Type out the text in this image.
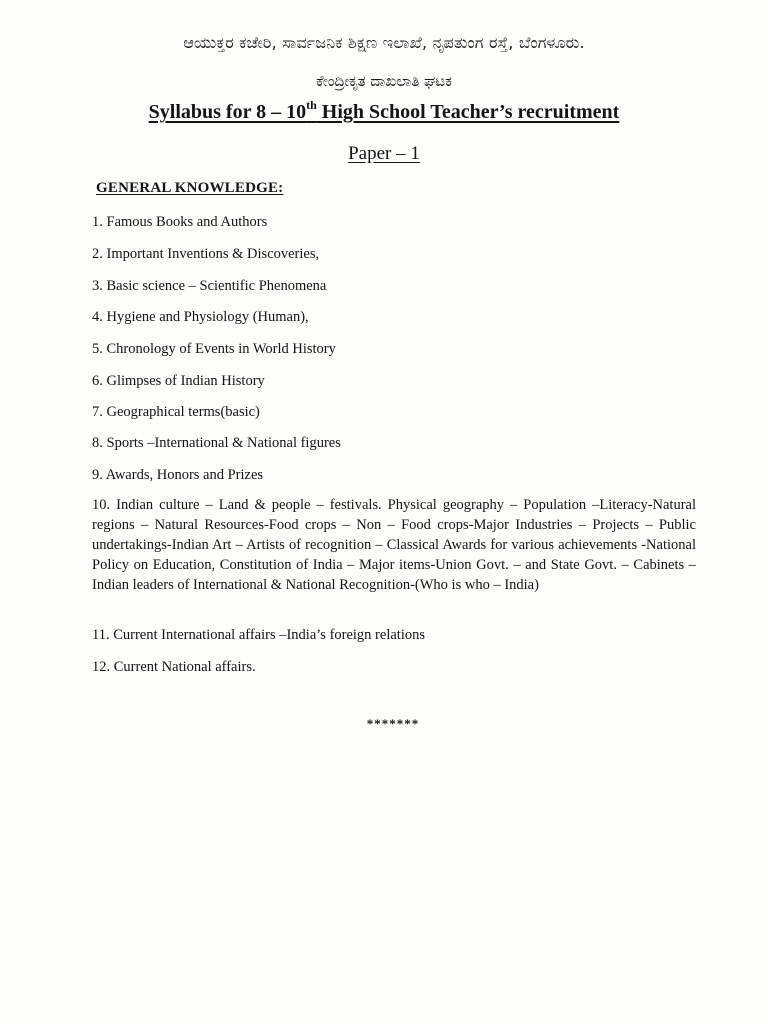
ಆಯುಕ್ತರ ಕಚೇರಿ, ಸಾರ್ವಜನಿಕ ಶಿಕ್ಷಣ ಇಲಾಖೆ, ನೃಪತುಂಗ ರಸ್ತೆ, ಬೆಂಗಳೂರು.
ಕೇಂದ್ರೀಕೃತ ದಾಖಲಾತಿ ಘಟಕ
Syllabus for 8 – 10th High School Teacher’s recruitment
Paper – 1
GENERAL KNOWLEDGE:
1. Famous Books and Authors
2. Important Inventions & Discoveries,
3. Basic science – Scientific Phenomena
4. Hygiene and Physiology (Human),
5. Chronology of Events in World History
6. Glimpses of Indian History
7. Geographical terms(basic)
8. Sports –International & National figures
9. Awards, Honors and Prizes
10. Indian culture – Land & people – festivals. Physical geography – Population –Literacy-Natural regions – Natural Resources-Food crops – Non – Food crops-Major Industries – Projects – Public undertakings-Indian Art – Artists of recognition – Classical Awards for various achievements -National Policy on Education, Constitution of India – Major items-Union Govt. – and State Govt. – Cabinets – Indian leaders of International & National Recognition-(Who is who – India)
11. Current International affairs –India’s foreign relations
12. Current National affairs.
*******
